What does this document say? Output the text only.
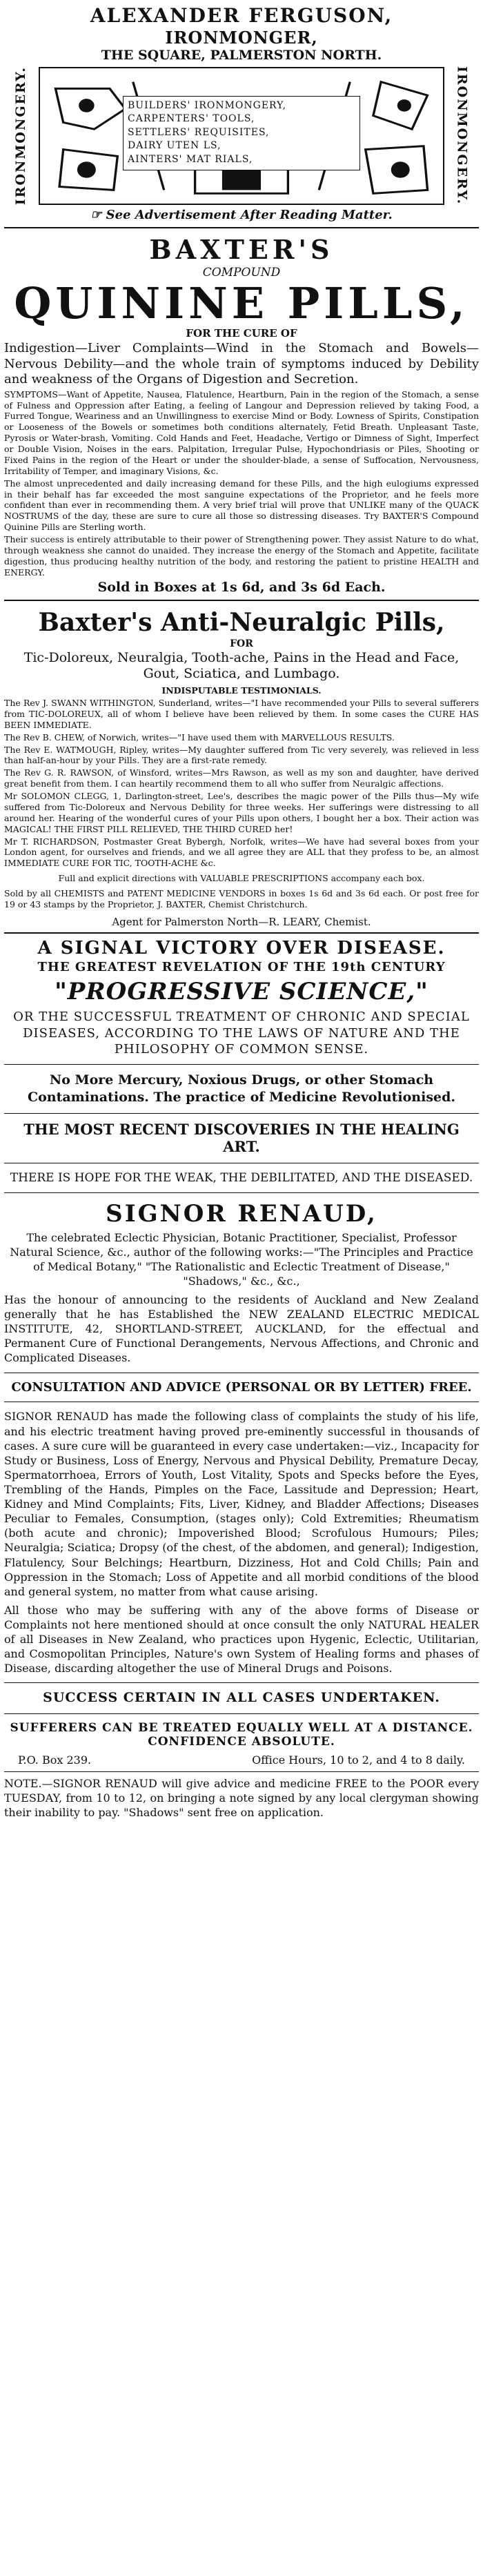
ALEXANDER FERGUSON,
IRONMONGER,
THE SQUARE, PALMERSTON NORTH.
IRONMONGERY.	BUILDERS' IRONMONGERY,
CARPENTERS' TOOLS,
SETTLERS' REQUISITES,
DAIRY UTEN LS,
AINTERS' MAT RIALS,	IRONMONGERY.
☞ See Advertisement After Reading Matter.
BAXTER'S
COMPOUND
QUININE PILLS,
FOR THE CURE OF

Indigestion—Liver Complaints—Wind in the Stomach and Bowels—Nervous Debility—and the whole train of symptoms induced by Debility and weakness of the Organs of Digestion and Secretion.

SYMPTOMS—Want of Appetite, Nausea, Flatulence, Heartburn, Pain in the region of the Stomach, a sense of Fulness and Oppression after Eating, a feeling of Langour and Depression relieved by taking Food, a Furred Tongue, Weariness and an Unwillingness to exercise Mind or Body. Lowness of Spirits, Constipation or Looseness of the Bowels or sometimes both conditions alternately, Fetid Breath. Unpleasant Taste, Pyrosis or Water-brash, Vomiting. Cold Hands and Feet, Headache, Vertigo or Dimness of Sight, Imperfect or Double Vision, Noises in the ears. Palpitation, Irregular Pulse, Hypochondriasis or Piles, Shooting or Fixed Pains in the region of the Heart or under the shoulder-blade, a sense of Suffocation, Nervousness, Irritability of Temper, and imaginary Visions, &c.

The almost unprecedented and daily increasing demand for these Pills, and the high eulogiums expressed in their behalf has far exceeded the most sanguine expectations of the Proprietor, and he feels more confident than ever in recommending them. A very brief trial will prove that UNLIKE many of the QUACK NOSTRUMS of the day, these are sure to cure all those so distressing diseases. Try BAXTER'S Compound Quinine Pills are Sterling worth.

Their success is entirely attributable to their power of Strengthening power. They assist Nature to do what, through weakness she cannot do unaided. They increase the energy of the Stomach and Appetite, facilitate digestion, thus producing healthy nutrition of the body, and restoring the patient to pristine HEALTH and ENERGY.

Sold in Boxes at 1s 6d, and 3s 6d Each.
Baxter's Anti-Neuralgic Pills,
FOR
Tic-Doloreux, Neuralgia, Tooth-ache, Pains in the Head and Face, Gout, Sciatica, and Lumbago.
INDISPUTABLE TESTIMONIALS.

The Rev J. SWANN WITHINGTON, Sunderland, writes—"I have recommended your Pills to several sufferers from TIC-DOLOREUX, all of whom I believe have been relieved by them. In some cases the CURE HAS BEEN IMMEDIATE.

The Rev B. CHEW, of Norwich, writes—"I have used them with MARVELLOUS RESULTS.

The Rev E. WATMOUGH, Ripley, writes—My daughter suffered from Tic very severely, was relieved in less than half-an-hour by your Pills. They are a first-rate remedy.

The Rev G. R. RAWSON, of Winsford, writes—Mrs Rawson, as well as my son and daughter, have derived great benefit from them. I can heartily recommend them to all who suffer from Neuralgic affections.

Mr SOLOMON CLEGG, 1, Darlington-street, Lee's, describes the magic power of the Pills thus—My wife suffered from Tic-Doloreux and Nervous Debility for three weeks. Her sufferings were distressing to all around her. Hearing of the wonderful cures of your Pills upon others, I bought her a box. Their action was MAGICAL! THE FIRST PILL RELIEVED, THE THIRD CURED her!

Mr T. RICHARDSON, Postmaster Great Bybergh, Norfolk, writes—We have had several boxes from your London agent, for ourselves and friends, and we all agree they are ALL that they profess to be, an almost IMMEDIATE CURE FOR TIC, TOOTH-ACHE &c.

Full and explicit directions with VALUABLE PRESCRIPTIONS accompany each box.

Sold by all CHEMISTS and PATENT MEDICINE VENDORS in boxes 1s 6d and 3s 6d each. Or post free for 19 or 43 stamps by the Proprietor, J. BAXTER, Chemist Christchurch.

Agent for Palmerston North—R. LEARY, Chemist.

A SIGNAL VICTORY OVER DISEASE.
THE GREATEST REVELATION OF THE 19th CENTURY
"PROGRESSIVE SCIENCE,"

OR THE SUCCESSFUL TREATMENT OF CHRONIC AND SPECIAL DISEASES, ACCORDING TO THE LAWS OF NATURE AND THE PHILOSOPHY OF COMMON SENSE.

No More Mercury, Noxious Drugs, or other Stomach Contaminations. The practice of Medicine Revolutionised.

THE MOST RECENT DISCOVERIES IN THE HEALING ART.

THERE IS HOPE FOR THE WEAK, THE DEBILITATED, AND THE DISEASED.

SIGNOR RENAUD,

The celebrated Eclectic Physician, Botanic Practitioner, Specialist, Professor Natural Science, &c., author of the following works:—"The Principles and Practice of Medical Botany," "The Rationalistic and Eclectic Treatment of Disease," "Shadows," &c., &c.,

Has the honour of announcing to the residents of Auckland and New Zealand generally that he has Established the NEW ZEALAND ELECTRIC MEDICAL INSTITUTE, 42, SHORTLAND-STREET, AUCKLAND, for the effectual and Permanent Cure of Functional Derangements, Nervous Affections, and Chronic and Complicated Diseases.

CONSULTATION AND ADVICE (PERSONAL OR BY LETTER) FREE.

SIGNOR RENAUD has made the following class of complaints the study of his life, and his electric treatment having proved pre-eminently successful in thousands of cases. A sure cure will be guaranteed in every case undertaken:—viz., Incapacity for Study or Business, Loss of Energy, Nervous and Physical Debility, Premature Decay, Spermatorrhoea, Errors of Youth, Lost Vitality, Spots and Specks before the Eyes, Trembling of the Hands, Pimples on the Face, Lassitude and Depression; Heart, Kidney and Mind Complaints; Fits, Liver, Kidney, and Bladder Affections; Diseases Peculiar to Females, Consumption, (stages only); Cold Extremities; Rheumatism (both acute and chronic); Impoverished Blood; Scrofulous Humours; Piles; Neuralgia; Sciatica; Dropsy (of the chest, of the abdomen, and general); Indigestion, Flatulency, Sour Belchings; Heartburn, Dizziness, Hot and Cold Chills; Pain and Oppression in the Stomach; Loss of Appetite and all morbid conditions of the blood and general system, no matter from what cause arising.

All those who may be suffering with any of the above forms of Disease or Complaints not here mentioned should at once consult the only NATURAL HEALER of all Diseases in New Zealand, who practices upon Hygenic, Eclectic, Utilitarian, and Cosmopolitan Principles, Nature's own System of Healing forms and phases of Disease, discarding altogether the use of Mineral Drugs and Poisons.

SUCCESS CERTAIN IN ALL CASES UNDERTAKEN.

SUFFERERS CAN BE TREATED EQUALLY WELL AT A DISTANCE. CONFIDENCE ABSOLUTE.

P.O. Box 239.	Office Hours, 10 to 2, and 4 to 8 daily.

NOTE.—SIGNOR RENAUD will give advice and medicine FREE to the POOR every TUESDAY, from 10 to 12, on bringing a note signed by any local clergyman showing their inability to pay. "Shadows" sent free on application.
